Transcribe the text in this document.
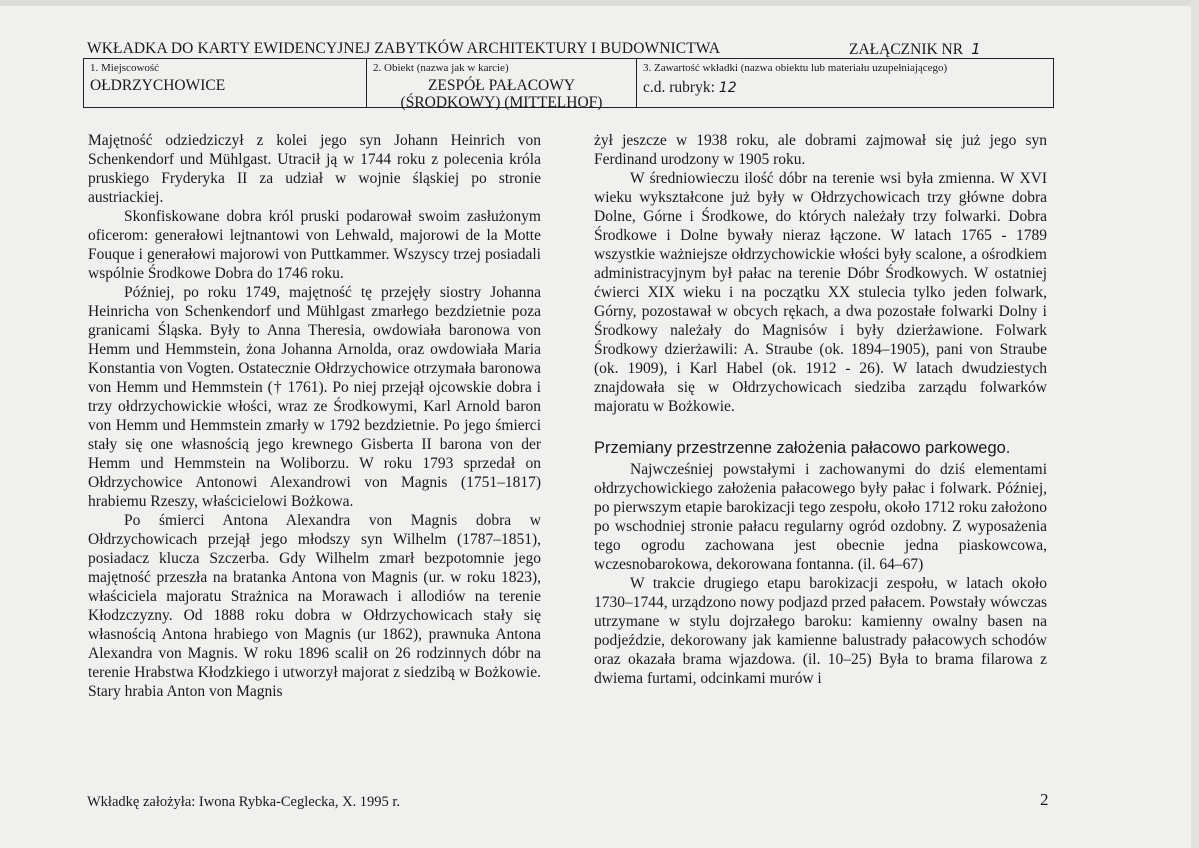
WKŁADKA DO KARTY EWIDENCYJNEJ ZABYTKÓW ARCHITEKTURY I BUDOWNICTWA	ZAŁĄCZNIK NR 1
1. Miejscowość
OŁDRZYCHOWICE
2. Obiekt (nazwa jak w karcie)
ZESPÓŁ PAŁACOWY
(ŚRODKOWY) (MITTELHOF)
3. Zawartość wkładki (nazwa obiektu lub materiału uzupełniającego)
c.d. rubryk: 12

Majętność odziedziczył z kolei jego syn Johann Heinrich von Schenkendorf und Mühlgast. Utracił ją w 1744 roku z polecenia króla pruskiego Fryderyka II za udział w wojnie śląskiej po stronie austriackiej.

Skonfiskowane dobra król pruski podarował swoim zasłużonym oficerom: generałowi lejtnantowi von Lehwald, majorowi de la Motte Fouque i generałowi majorowi von Puttkammer. Wszyscy trzej posiadali wspólnie Środkowe Dobra do 1746 roku.

Później, po roku 1749, majętność tę przejęły siostry Johanna Heinricha von Schenkendorf und Mühlgast zmarłego bezdzietnie poza granicami Śląska. Były to Anna Theresia, owdowiała baronowa von Hemm und Hemmstein, żona Johanna Arnolda, oraz owdowiała Maria Konstantia von Vogten. Ostatecznie Ołdrzychowice otrzymała baronowa von Hemm und Hemmstein († 1761). Po niej przejął ojcowskie dobra i trzy ołdrzychowickie włości, wraz ze Środkowymi, Karl Arnold baron von Hemm und Hemmstein zmarły w 1792 bezdzietnie. Po jego śmierci stały się one własnością jego krewnego Gisberta II barona von der Hemm und Hemmstein na Woliborzu. W roku 1793 sprzedał on Ołdrzychowice Antonowi Alexandrowi von Magnis (1751–1817) hrabiemu Rzeszy, właścicielowi Bożkowa.

Po śmierci Antona Alexandra von Magnis dobra w Ołdrzychowicach przejął jego młodszy syn Wilhelm (1787–1851), posiadacz klucza Szczerba. Gdy Wilhelm zmarł bezpotomnie jego majętność przeszła na bratanka Antona von Magnis (ur. w roku 1823), właściciela majoratu Strażnica na Morawach i allodiów na terenie Kłodzczyzny. Od 1888 roku dobra w Ołdrzychowicach stały się własnością Antona hrabiego von Magnis (ur 1862), prawnuka Antona Alexandra von Magnis. W roku 1896 scalił on 26 rodzinnych dóbr na terenie Hrabstwa Kłodzkiego i utworzył majorat z siedzibą w Bożkowie. Stary hrabia Anton von Magnis

żył jeszcze w 1938 roku, ale dobrami zajmował się już jego syn Ferdinand urodzony w 1905 roku.

W średniowieczu ilość dóbr na terenie wsi była zmienna. W XVI wieku wykształcone już były w Ołdrzychowicach trzy główne dobra Dolne, Górne i Środkowe, do których należały trzy folwarki. Dobra Środkowe i Dolne bywały nieraz łączone. W latach 1765 - 1789 wszystkie ważniejsze ołdrzychowickie włości były scalone, a ośrodkiem administracyjnym był pałac na terenie Dóbr Środkowych. W ostatniej ćwierci XIX wieku i na początku XX stulecia tylko jeden folwark, Górny, pozostawał w obcych rękach, a dwa pozostałe folwarki Dolny i Środkowy należały do Magnisów i były dzierżawione. Folwark Środkowy dzierżawili: A. Straube (ok. 1894–1905), pani von Straube (ok. 1909), i Karl Habel (ok. 1912 - 26). W latach dwudziestych znajdowała się w Ołdrzychowicach siedziba zarządu folwarków majoratu w Bożkowie.

Przemiany przestrzenne założenia pałacowo parkowego.

Najwcześniej powstałymi i zachowanymi do dziś elementami ołdrzychowickiego założenia pałacowego były pałac i folwark. Później, po pierwszym etapie barokizacji tego zespołu, około 1712 roku założono po wschodniej stronie pałacu regularny ogród ozdobny. Z wyposażenia tego ogrodu zachowana jest obecnie jedna piaskowcowa, wczesnobarokowa, dekorowana fontanna. (il. 64–67)

W trakcie drugiego etapu barokizacji zespołu, w latach około 1730–1744, urządzono nowy podjazd przed pałacem. Powstały wówczas utrzymane w stylu dojrzałego baroku: kamienny owalny basen na podjeździe, dekorowany jak kamienne balustrady pałacowych schodów oraz okazała brama wjazdowa. (il. 10–25) Była to brama filarowa z dwiema furtami, odcinkami murów i

Wkładkę założyła: Iwona Rybka-Ceglecka, X. 1995 r.	2
